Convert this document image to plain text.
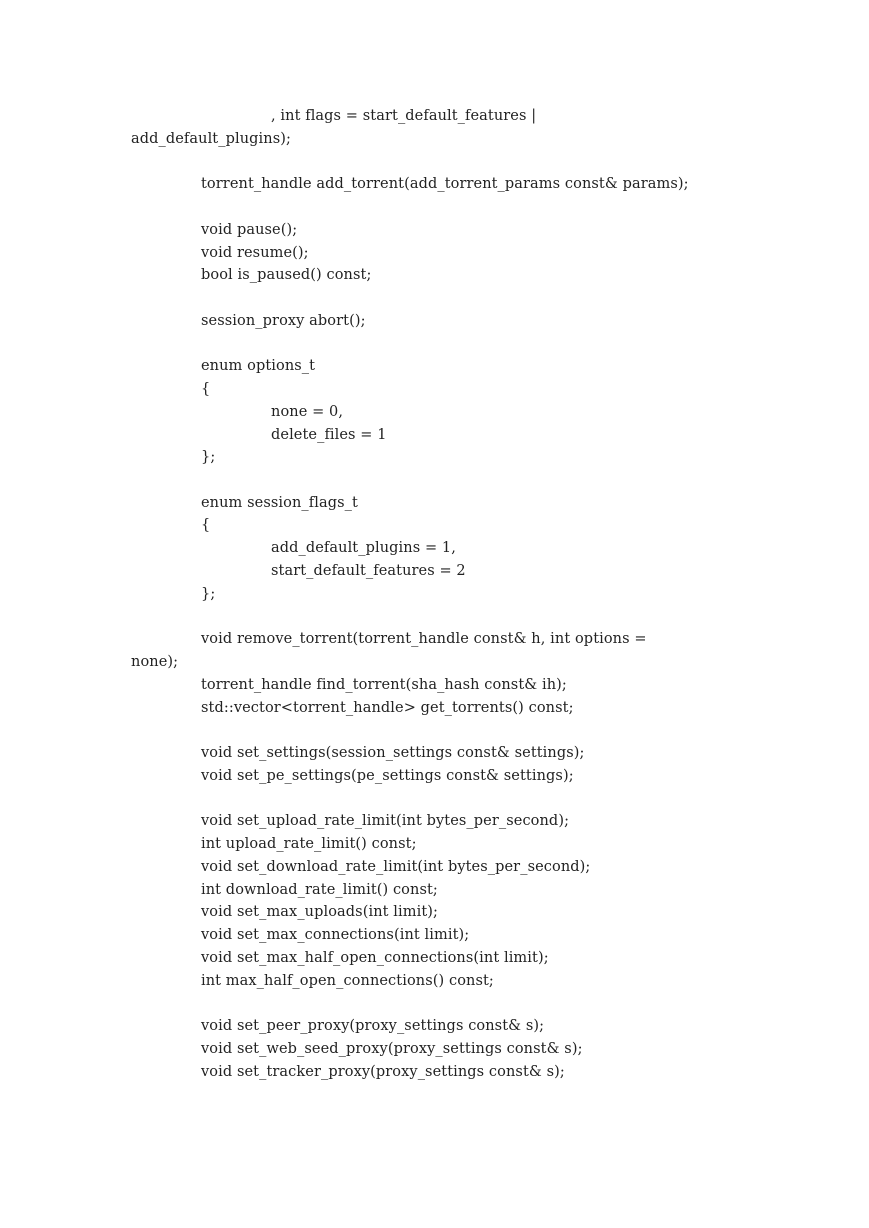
, int flags = start_default_features |
add_default_plugins);
torrent_handle add_torrent(add_torrent_params const& params);
void pause();
void resume();
bool is_paused() const;
session_proxy abort();
enum options_t
{
none = 0,
delete_files = 1
};
enum session_flags_t
{
add_default_plugins = 1,
start_default_features = 2
};
void remove_torrent(torrent_handle const& h, int options =
none);
torrent_handle find_torrent(sha_hash const& ih);
std::vector<torrent_handle> get_torrents() const;
void set_settings(session_settings const& settings);
void set_pe_settings(pe_settings const& settings);
void set_upload_rate_limit(int bytes_per_second);
int upload_rate_limit() const;
void set_download_rate_limit(int bytes_per_second);
int download_rate_limit() const;
void set_max_uploads(int limit);
void set_max_connections(int limit);
void set_max_half_open_connections(int limit);
int max_half_open_connections() const;
void set_peer_proxy(proxy_settings const& s);
void set_web_seed_proxy(proxy_settings const& s);
void set_tracker_proxy(proxy_settings const& s);
